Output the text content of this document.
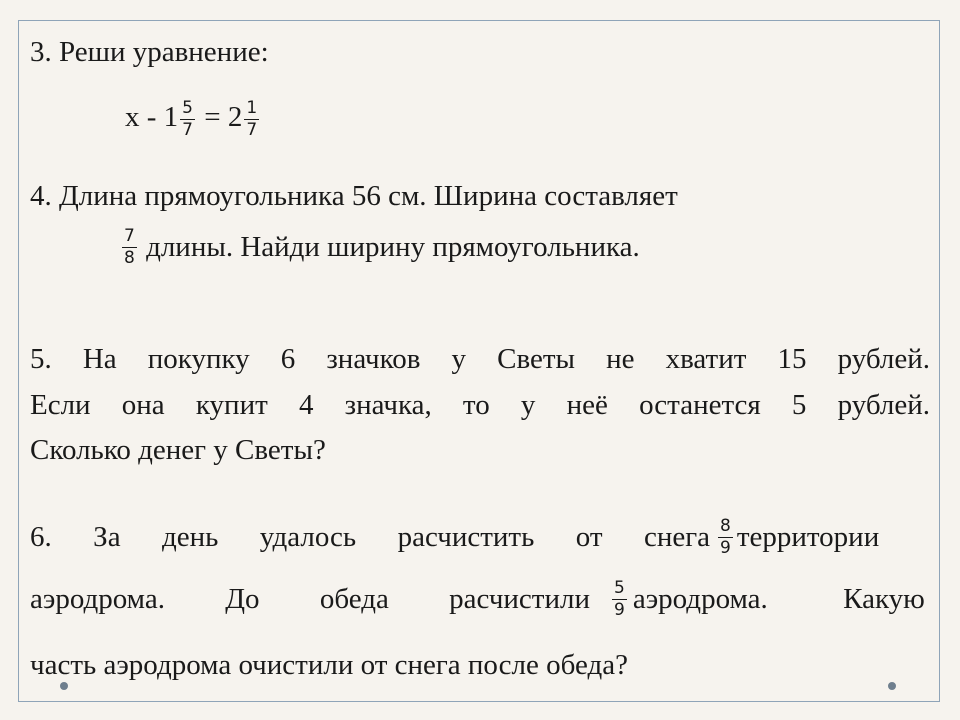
3. Реши уравнение:
$x - 1 \frac{5}{7} = 2 \frac{1}{7}$
4. Длина прямоугольника 56 см. Ширина составляет
$\frac{7}{8}$ длины. Найди ширину прямоугольника.
5. На покупку 6 значков у Светы не хватит 15 рублей.
Если она купит 4 значка, то у неё останется 5 рублей.
Сколько денег у Светы?
6. За день удалось расчистить от снега $\frac{8}{9}$ территории
аэродрома. До обеда расчистили $\frac{5}{9}$ аэродрома. Какую
часть аэродрома очистили от снега после обеда?
